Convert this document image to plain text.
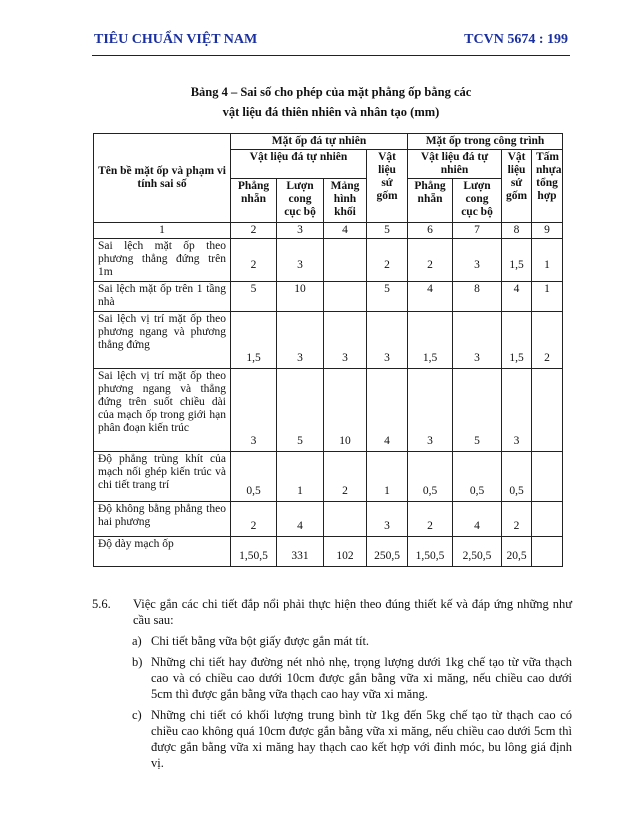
TIÊU CHUẨN VIỆT NAM	TCVN 5674 : 199
Bảng 4 – Sai số cho phép của mặt phẳng ốp bằng các
vật liệu đá thiên nhiên và nhân tạo (mm)
Tên bề mặt ốp và phạm vi tính sai số	Mặt ốp đá tự nhiên				Mặt ốp trong công trình			
	Vật liệu đá tự nhiên			Vật liệu sứ gốm	Vật liệu đá tự nhiên		Vật liệu sứ gốm	Tấm nhựa tổng hợp
	Phẳng nhẵn	Lượn cong cục bộ	Mảng hình khối		Phẳng nhẵn	Lượn cong cục bộ		
1	2	3	4	5	6	7	8	9
Sai lệch mặt ốp theo phương thẳng đứng trên 1m	2	3		2	2	3	1,5	1
Sai lệch mặt ốp trên 1 tầng nhà	5	10		5	4	8	4	1
Sai lệch vị trí mặt ốp theo phương ngang và phương thẳng đứng	1,5	3	3	3	1,5	3	1,5	2
Sai lệch vị trí mặt ốp theo phương ngang và thẳng đứng trên suốt chiều dài của mạch ốp trong giới hạn phân đoạn kiến trúc	3	5	10	4	3	5	3	
Độ phẳng trùng khít của mạch nối ghép kiến trúc và chi tiết trang trí	0,5	1	2	1	0,5	0,5	0,5	
Độ không bằng phẳng theo hai phương	2	4		3	2	4	2	
Độ dày mạch ốp	1,50,5	331	102	250,5	1,50,5	2,50,5	20,5	
5.6. Việc gắn các chi tiết đắp nổi phải thực hiện theo đúng thiết kế và đáp ứng những như cầu sau:
a) Chi tiết bằng vữa bột giấy được gắn mát tít.
b) Những chi tiết hay đường nét nhỏ nhẹ, trọng lượng dưới 1kg chế tạo từ vữa thạch cao và có chiều cao dưới 10cm được gắn bằng vữa xi măng, nếu chiều cao dưới 5cm thì được gắn bằng vữa thạch cao hay vữa xi măng.
c) Những chi tiết có khối lượng trung bình từ 1kg đến 5kg chế tạo từ thạch cao có chiều cao không quá 10cm được gắn bằng vữa xi măng, nếu chiều cao dưới 5cm thì được gắn bằng vữa xi măng hay thạch cao kết hợp với đinh móc, bu lông giá định vị.
